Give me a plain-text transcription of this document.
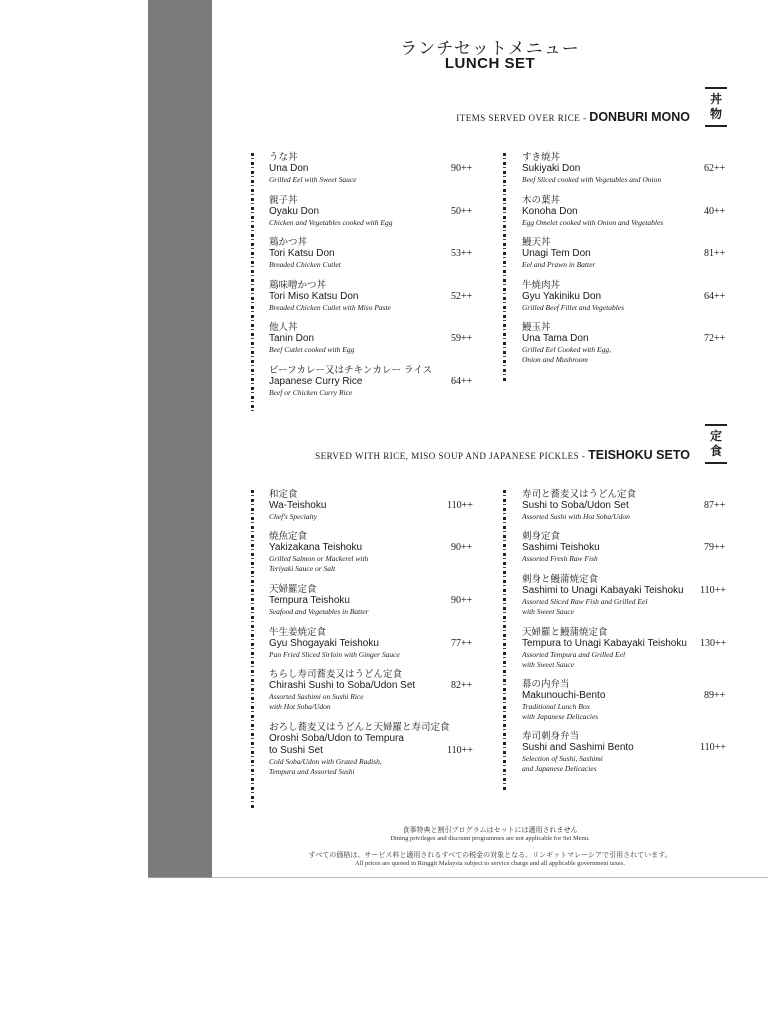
ランチセットメニュー
LUNCH SET
ITEMS SERVED OVER RICE - DONBURI MONO
丼
物
SERVED WITH RICE, MISO SOUP AND JAPANESE PICKLES - TEISHOKU SETO
定
食
うな丼
Una Don
Grilled Eel with Sweet Sauce
90++
親子丼
Oyaku Don
Chicken and Vegetables cooked with Egg
50++
鶏かつ丼
Tori Katsu Don
Breaded Chicken Cutlet
53++
鶏味噌かつ丼
Tori Miso Katsu Don
Breaded Chicken Cutlet with Miso Paste
52++
他人丼
Tanin Don
Beef Cutlet cooked with Egg
59++
ビーフカレー又はチキンカレー ライス
Japanese Curry Rice
Beef or Chicken Curry Rice
64++
すき焼丼
Sukiyaki Don
Beef Sliced cooked with Vegetables and Onion
62++
木の葉丼
Konoha Don
Egg Omelet cooked with Onion and Vegetables
40++
鰻天丼
Unagi Tem Don
Eel and Prawn in Batter
81++
牛焼肉丼
Gyu Yakiniku Don
Grilled Beef Fillet and Vegetables
64++
鰻玉丼
Una Tama Don
Grilled Eel Cooked with Egg,
Onion and Mushroom
72++
和定食
Wa-Teishoku
Chef's Specialty
110++
焼魚定食
Yakizakana Teishoku
Grilled Salmon or Mackerel with
Teriyaki Sauce or Salt
90++
天婦羅定食
Tempura Teishoku
Seafood and Vegetables in Batter
90++
牛生姜焼定食
Gyu Shogayaki Teishoku
Pan Fried Sliced Sirloin with Ginger Sauce
77++
ちらし寿司蕎麦又はうどん定食
Chirashi Sushi to Soba/Udon Set
Assorted Sashimi on Sushi Rice
with Hot Soba/Udon
82++
おろし蕎麦又はうどんと天婦羅と寿司定食
Oroshi Soba/Udon to Tempura
to Sushi Set
Cold Soba/Udon with Grated Radish,
Tempura and Assorted Sushi
110++
寿司と蕎麦又はうどん定食
Sushi to Soba/Udon Set
Assorted Sushi with Hot Soba/Udon
87++
刺身定食
Sashimi Teishoku
Assorted Fresh Raw Fish
79++
刺身と鰻蒲焼定食
Sashimi to Unagi Kabayaki Teishoku
Assorted Sliced Raw Fish and Grilled Eel
with Sweet Sauce
110++
天婦羅と鰻蒲焼定食
Tempura to Unagi Kabayaki Teishoku
Assorted Tempura and Grilled Eel
with Sweet Sauce
130++
幕の内弁当
Makunouchi-Bento
Traditional Lunch Box
with Japanese Delicacies
89++
寿司刺身弁当
Sushi and Sashimi Bento
Selection of Sushi, Sashimi
and Japanese Delicacies
110++
食事特典と割引プログラムはセットには適用されません
Dining privileges and discount programmes are not applicable for Set Menu.
すべての価格は、サービス料と適用されるすべての税金の対象となる、リンギットマレーシアで引用されています。
All prices are quoted in Ringgit Malaysia subject to service charge and all applicable government taxes.
